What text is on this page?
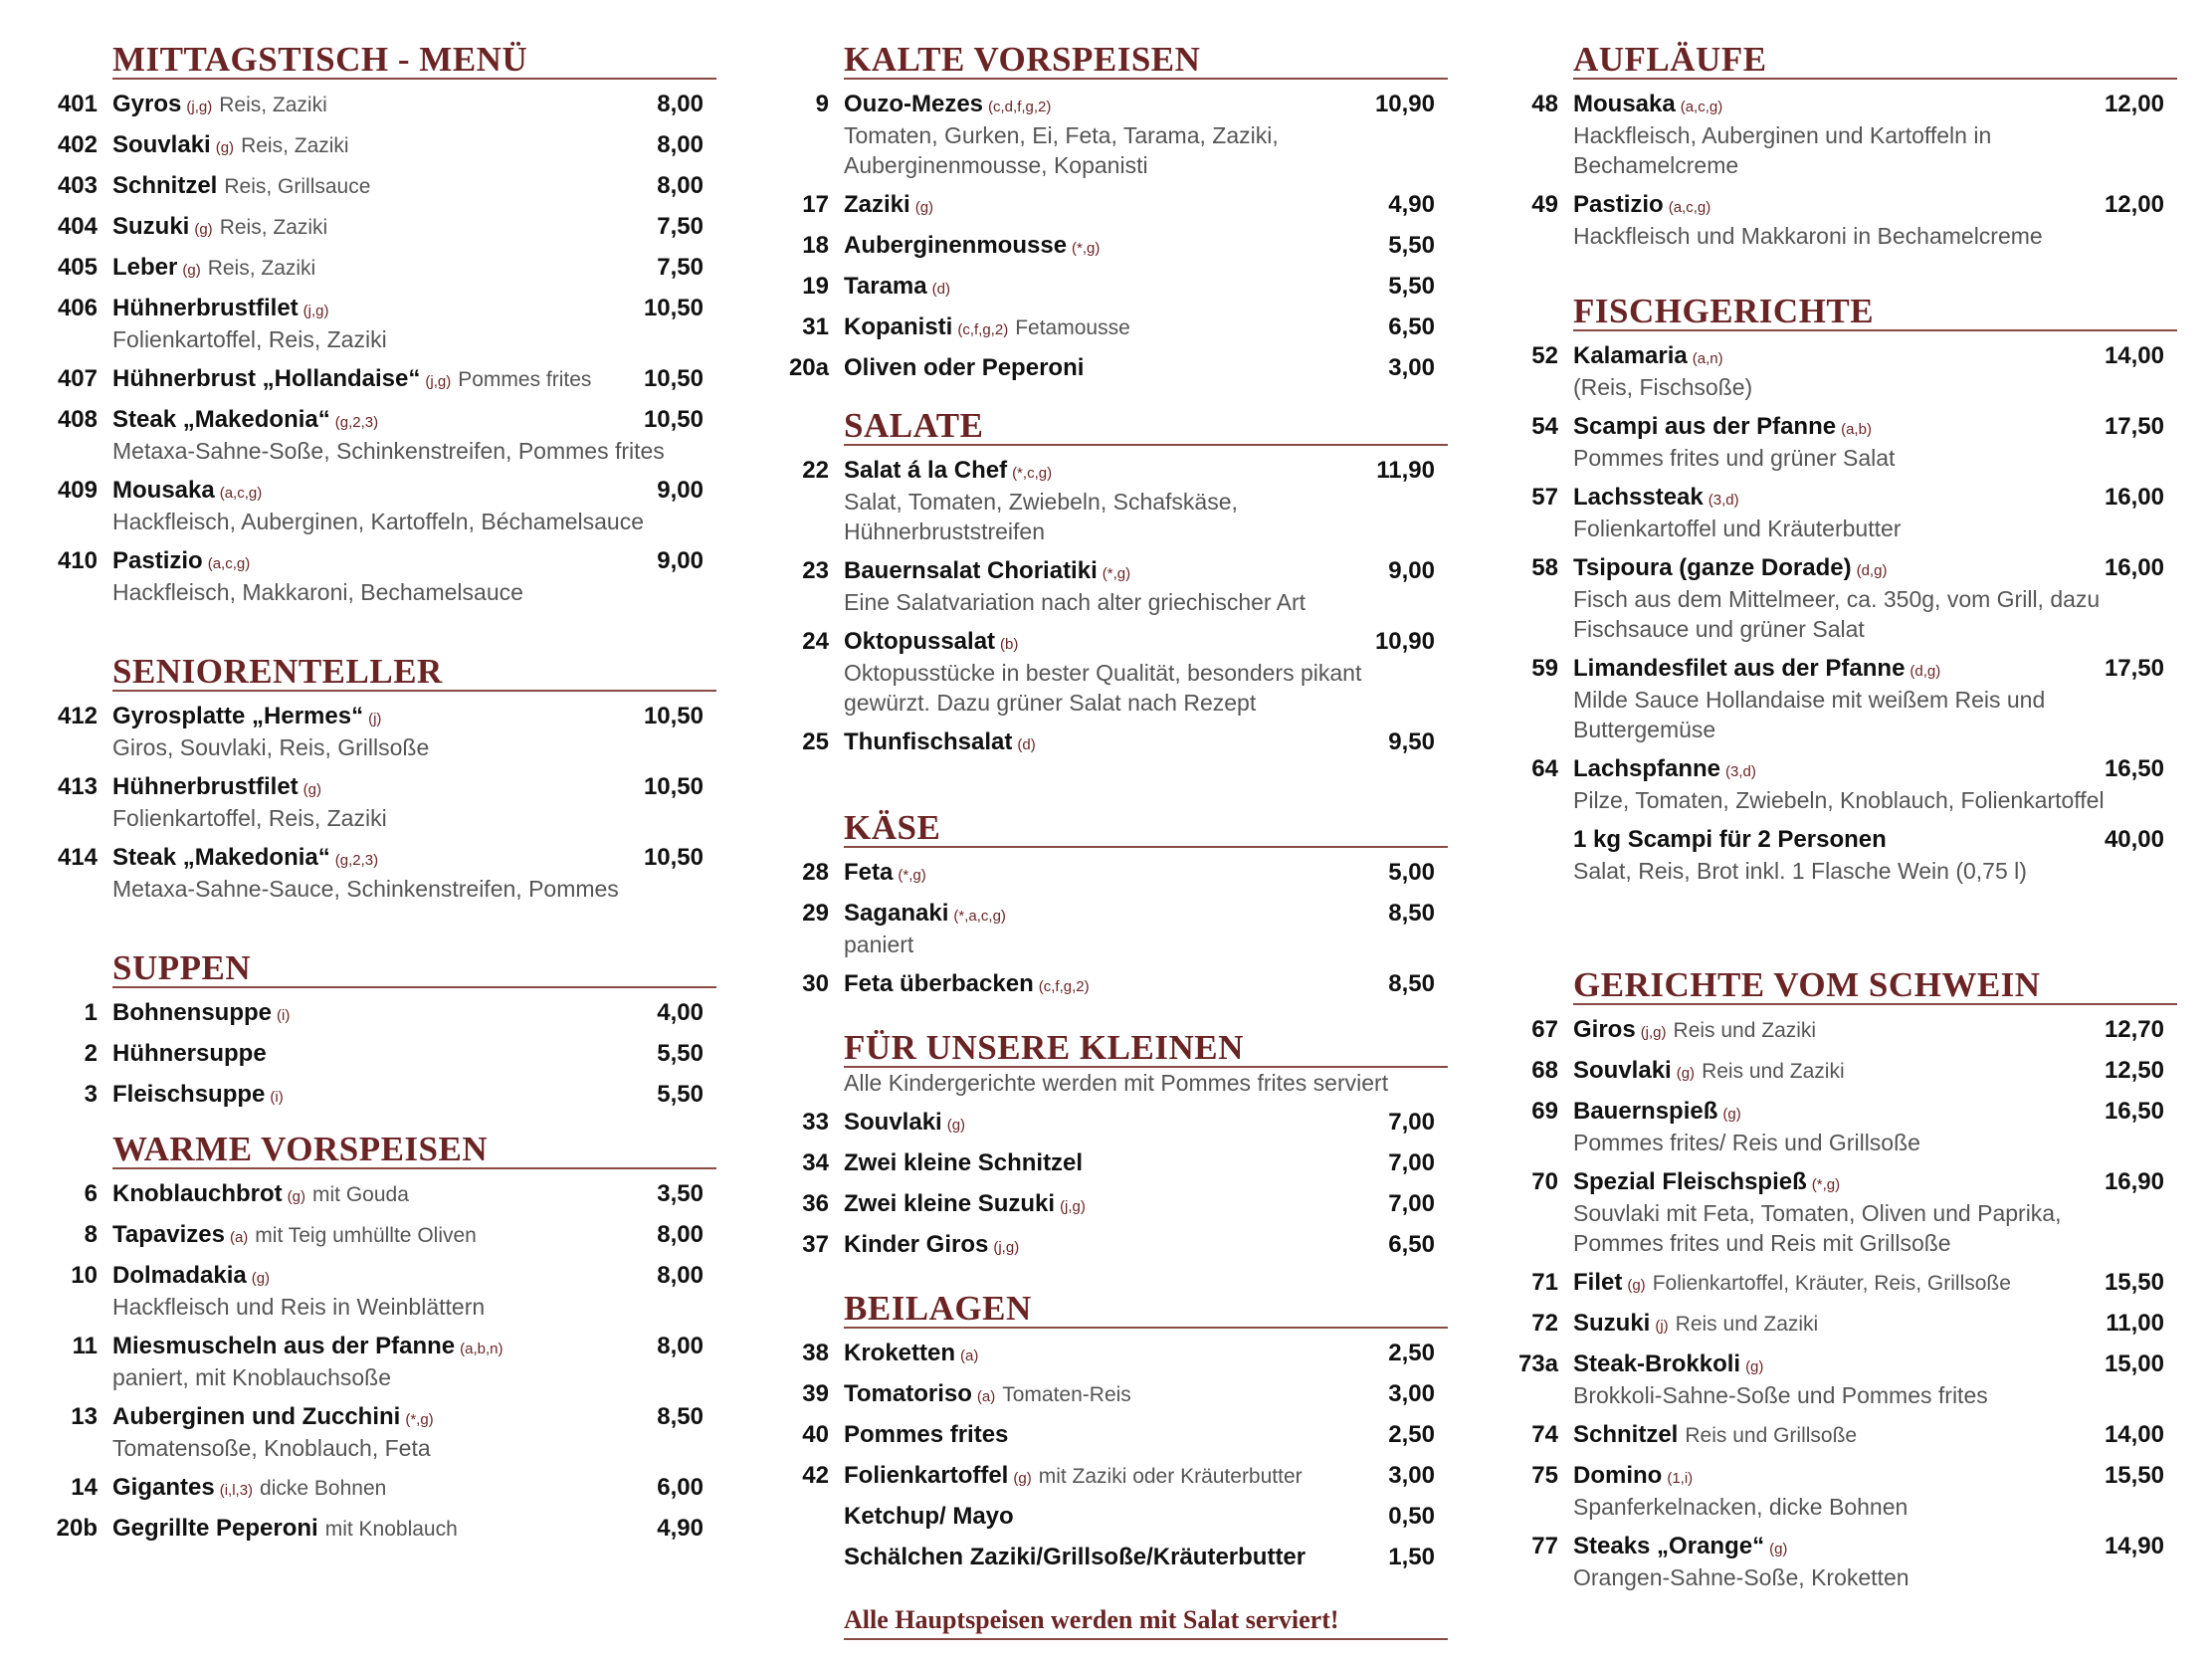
MITTAGSTISCH - MENÜ
401 Gyros (j,g) Reis, Zaziki	8,00
402 Souvlaki (g) Reis, Zaziki	8,00
403 Schnitzel Reis, Grillsauce	8,00
404 Suzuki (g) Reis, Zaziki	7,50
405 Leber (g) Reis, Zaziki	7,50
406 Hühnerbrustfilet (j,g)	10,50
Folienkartoffel, Reis, Zaziki
407 Hühnerbrust „Hollandaise“ (j,g) Pommes frites	10,50
408 Steak „Makedonia“ (g,2,3)	10,50
Metaxa-Sahne-Soße, Schinkenstreifen, Pommes frites
409 Mousaka (a,c,g)	9,00
Hackfleisch, Auberginen, Kartoffeln, Béchamelsauce
410 Pastizio (a,c,g)	9,00
Hackfleisch, Makkaroni, Bechamelsauce
SENIORENTELLER
412 Gyrosplatte „Hermes“ (j)	10,50
Giros, Souvlaki, Reis, Grillsoße
413 Hühnerbrustfilet (g)	10,50
Folienkartoffel, Reis, Zaziki
414 Steak „Makedonia“ (g,2,3)	10,50
Metaxa-Sahne-Sauce, Schinkenstreifen, Pommes
SUPPEN
1 Bohnensuppe (i)	4,00
2 Hühnersuppe	5,50
3 Fleischsuppe (i)	5,50
WARME VORSPEISEN
6 Knoblauchbrot (g) mit Gouda	3,50
8 Tapavizes (a) mit Teig umhüllte Oliven	8,00
10 Dolmadakia (g)	8,00
Hackfleisch und Reis in Weinblättern
11 Miesmuscheln aus der Pfanne (a,b,n)	8,00
paniert, mit Knoblauchsoße
13 Auberginen und Zucchini (*,g)	8,50
Tomatensoße, Knoblauch, Feta
14 Gigantes (i,l,3) dicke Bohnen	6,00
20b Gegrillte Peperoni mit Knoblauch	4,90
KALTE VORSPEISEN
9 Ouzo-Mezes (c,d,f,g,2)	10,90
Tomaten, Gurken, Ei, Feta, Tarama, Zaziki,
Auberginenmousse, Kopanisti
17 Zaziki (g)	4,90
18 Auberginenmousse (*,g)	5,50
19 Tarama (d)	5,50
31 Kopanisti (c,f,g,2) Fetamousse	6,50
20a Oliven oder Peperoni	3,00
SALATE
22 Salat á la Chef (*,c,g)	11,90
Salat, Tomaten, Zwiebeln, Schafskäse,
Hühnerbruststreifen
23 Bauernsalat Choriatiki (*,g)	9,00
Eine Salatvariation nach alter griechischer Art
24 Oktopussalat (b)	10,90
Oktopusstücke in bester Qualität, besonders pikant
gewürzt. Dazu grüner Salat nach Rezept
25 Thunfischsalat (d)	9,50
KÄSE
28 Feta (*,g)	5,00
29 Saganaki (*,a,c,g)	8,50
paniert
30 Feta überbacken (c,f,g,2)	8,50
FÜR UNSERE KLEINEN
Alle Kindergerichte werden mit Pommes frites serviert
33 Souvlaki (g)	7,00
34 Zwei kleine Schnitzel	7,00
36 Zwei kleine Suzuki (j,g)	7,00
37 Kinder Giros (j,g)	6,50
BEILAGEN
38 Kroketten (a)	2,50
39 Tomatoriso (a) Tomaten-Reis	3,00
40 Pommes frites	2,50
42 Folienkartoffel (g) mit Zaziki oder Kräuterbutter	3,00
Ketchup/ Mayo	0,50
Schälchen Zaziki/Grillsoße/Kräuterbutter	1,50
Alle Hauptspeisen werden mit Salat serviert!
AUFLÄUFE
48 Mousaka (a,c,g)	12,00
Hackfleisch, Auberginen und Kartoffeln in
Bechamelcreme
49 Pastizio (a,c,g)	12,00
Hackfleisch und Makkaroni in Bechamelcreme
FISCHGERICHTE
52 Kalamaria (a,n)	14,00
(Reis, Fischsoße)
54 Scampi aus der Pfanne (a,b)	17,50
Pommes frites und grüner Salat
57 Lachssteak (3,d)	16,00
Folienkartoffel und Kräuterbutter
58 Tsipoura (ganze Dorade) (d,g)	16,00
Fisch aus dem Mittelmeer, ca. 350g, vom Grill, dazu
Fischsauce und grüner Salat
59 Limandesfilet aus der Pfanne (d,g)	17,50
Milde Sauce Hollandaise mit weißem Reis und
Buttergemüse
64 Lachspfanne (3,d)	16,50
Pilze, Tomaten, Zwiebeln, Knoblauch, Folienkartoffel
1 kg Scampi für 2 Personen	40,00
Salat, Reis, Brot inkl. 1 Flasche Wein (0,75 l)
GERICHTE VOM SCHWEIN
67 Giros (j,g) Reis und Zaziki	12,70
68 Souvlaki (g) Reis und Zaziki	12,50
69 Bauernspieß (g)	16,50
Pommes frites/ Reis und Grillsoße
70 Spezial Fleischspieß (*,g)	16,90
Souvlaki mit Feta, Tomaten, Oliven und Paprika,
Pommes frites und Reis mit Grillsoße
71 Filet (g) Folienkartoffel, Kräuter, Reis, Grillsoße	15,50
72 Suzuki (j) Reis und Zaziki	11,00
73a Steak-Brokkoli (g)	15,00
Brokkoli-Sahne-Soße und Pommes frites
74 Schnitzel Reis und Grillsoße	14,00
75 Domino (1,i)	15,50
Spanferkelnacken, dicke Bohnen
77 Steaks „Orange“ (g)	14,90
Orangen-Sahne-Soße, Kroketten
